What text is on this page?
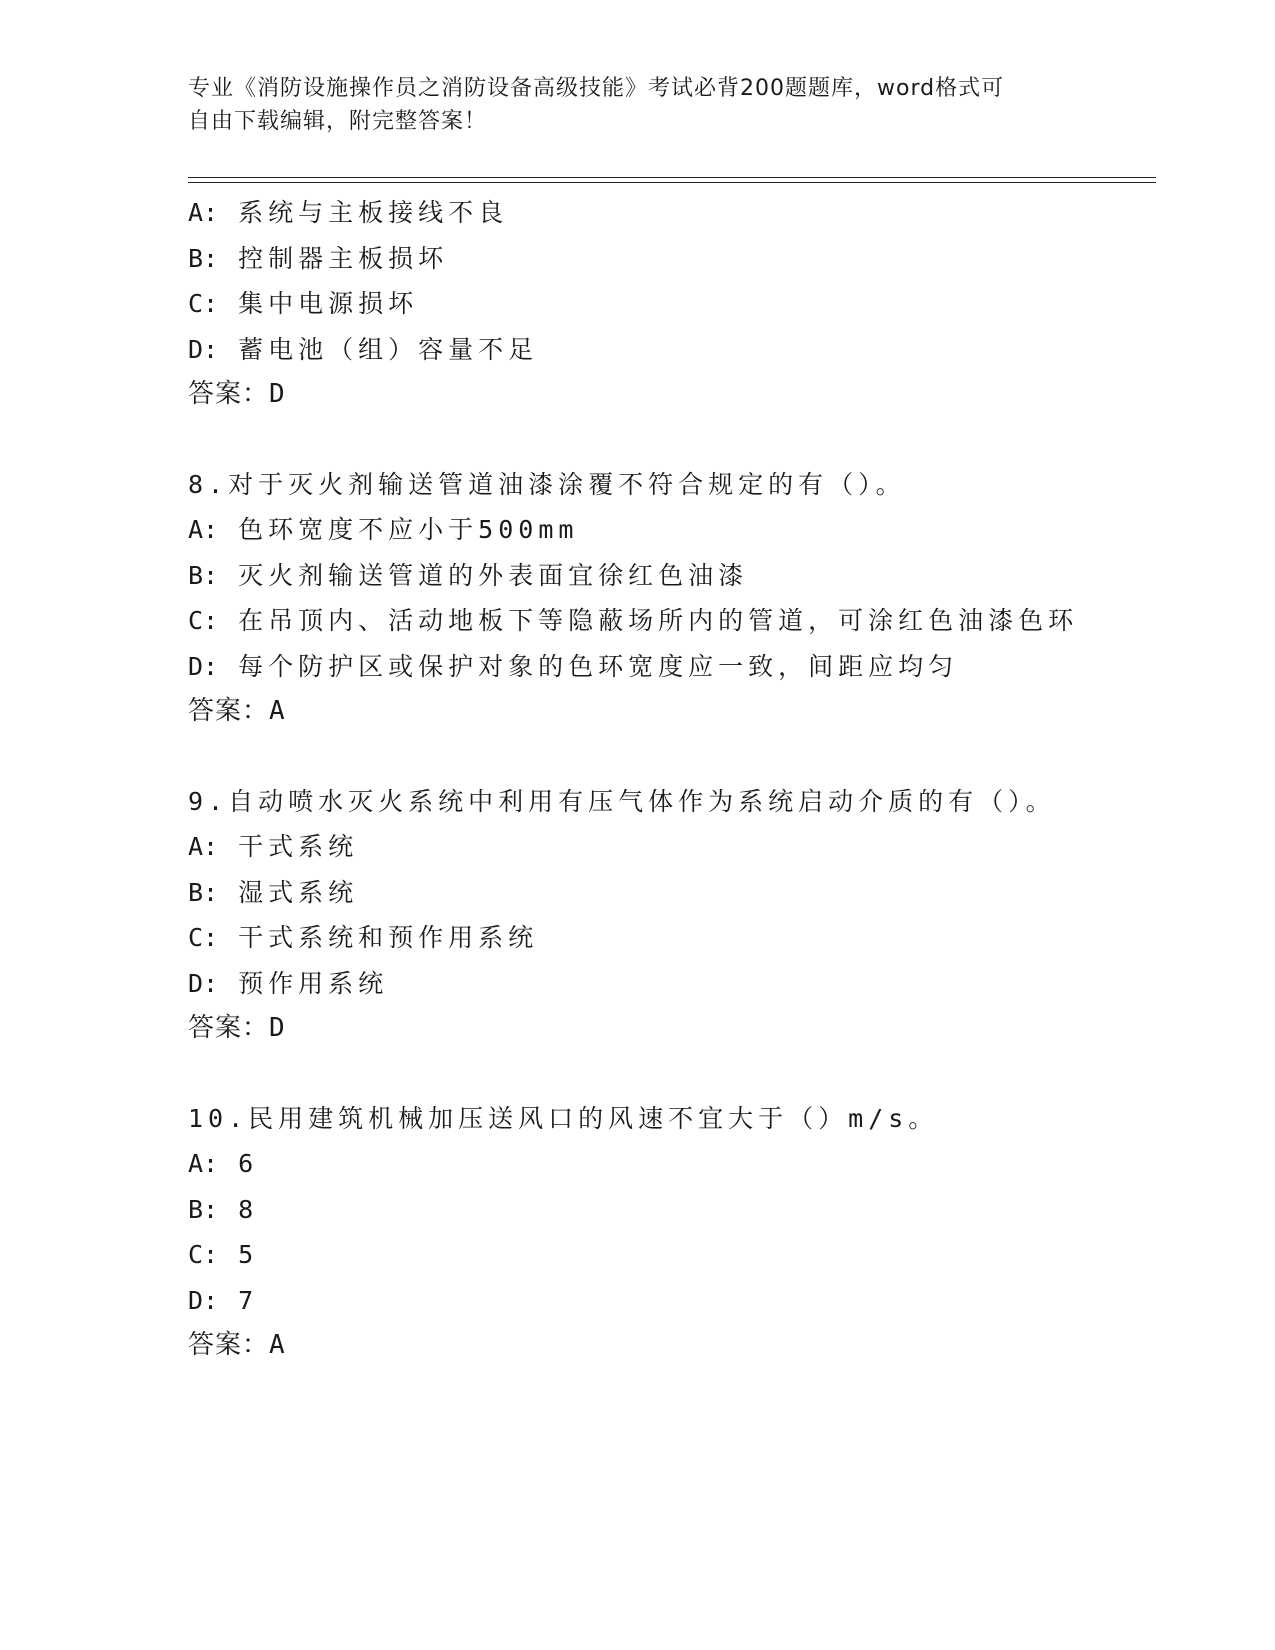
专业《消防设施操作员之消防设备高级技能》考试必背200题题库，word格式可
自由下载编辑，附完整答案！
A: 系统与主板接线不良
B: 控制器主板损坏
C: 集中电源损坏
D: 蓄电池（组）容量不足
答案：D
8.对于灭火剂输送管道油漆涂覆不符合规定的有（）。
A: 色环宽度不应小于500mm
B: 灭火剂输送管道的外表面宜徐红色油漆
C: 在吊顶内、活动地板下等隐蔽场所内的管道，可涂红色油漆色环
D: 每个防护区或保护对象的色环宽度应一致，间距应均匀
答案：A
9.自动喷水灭火系统中利用有压气体作为系统启动介质的有（）。
A: 干式系统
B: 湿式系统
C: 干式系统和预作用系统
D: 预作用系统
答案：D
10.民用建筑机械加压送风口的风速不宜大于（）m/s。
A: 6
B: 8
C: 5
D: 7
答案：A
